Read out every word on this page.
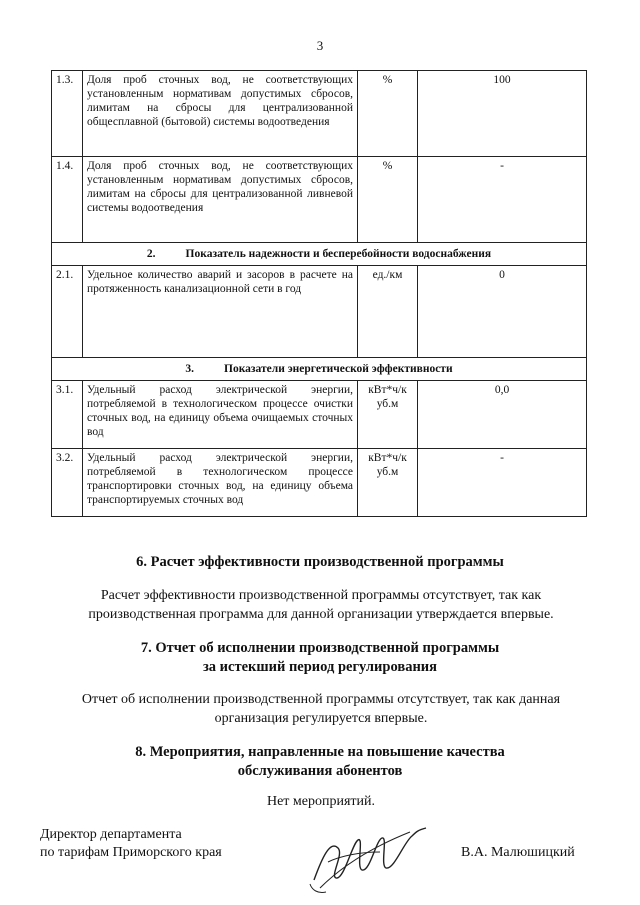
3
1.3.	Доля проб сточных вод, не соответствующих установленным нормативам допустимых сбросов, лимитам на сбросы для централизованной общесплавной (бытовой) системы водоотведения	%	100
1.4.	Доля проб сточных вод, не соответствующих установленным нормативам допустимых сбросов, лимитам на сбросы для централизованной ливневой системы водоотведения	%	-
2. Показатель надежности и бесперебойности водоснабжения			
2.1.	Удельное количество аварий и засоров в расчете на протяженность канализационной сети в год	ед./км	0
3. Показатели энергетической эффективности			
3.1.	Удельный расход электрической энергии, потребляемой в технологическом процессе очистки сточных вод, на единицу объема очищаемых сточных вод	кВт*ч/к уб.м	0,0
3.2.	Удельный расход электрической энергии, потребляемой в технологическом процессе транспортировки сточных вод, на единицу объема транспортируемых сточных вод	кВт*ч/к уб.м	-
6. Расчет эффективности производственной программы
Расчет эффективности производственной программы отсутствует, так как производственная программа для данной организации утверждается впервые.
7. Отчет об исполнении производственной программы
за истекший период регулирования
Отчет об исполнении производственной программы отсутствует, так как данная организация регулируется впервые.
8. Мероприятия, направленные на повышение качества
обслуживания абонентов
Нет мероприятий.
Директор департамента
по тарифам Приморского края	В.А. Малюшицкий
